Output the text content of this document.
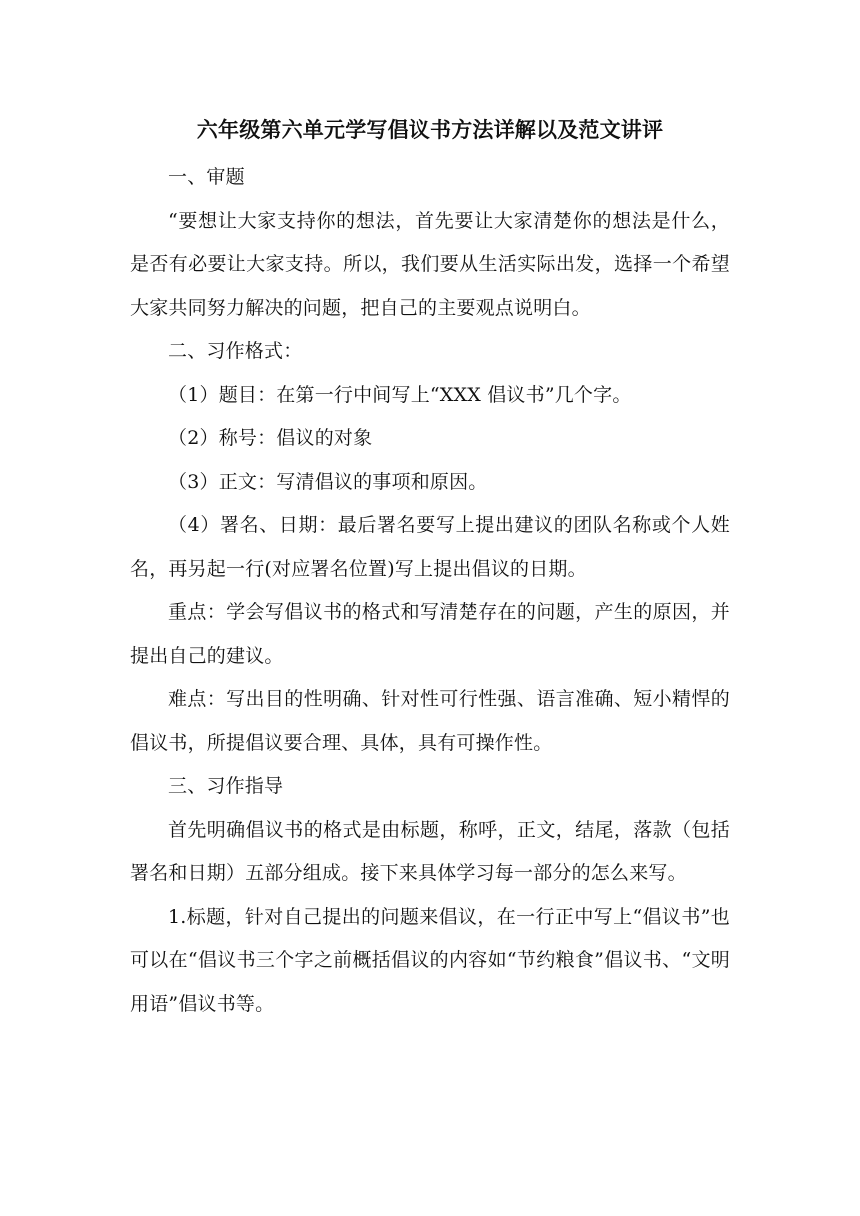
六年级第六单元学写倡议书方法详解以及范文讲评

一、审题

“要想让大家支持你的想法，首先要让大家清楚你的想法是什么，是否有必要让大家支持。所以，我们要从生活实际出发，选择一个希望大家共同努力解决的问题，把自己的主要观点说明白。

二、习作格式：

（1）题目：在第一行中间写上“XXX 倡议书”几个字。

（2）称号：倡议的对象

（3）正文：写清倡议的事项和原因。

（4）署名、日期：最后署名要写上提出建议的团队名称或个人姓名，再另起一行(对应署名位置)写上提出倡议的日期。

重点：学会写倡议书的格式和写清楚存在的问题，产生的原因，并提出自己的建议。

难点：写出目的性明确、针对性可行性强、语言准确、短小精悍的倡议书，所提倡议要合理、具体，具有可操作性。

三、习作指导

首先明确倡议书的格式是由标题，称呼，正文，结尾，落款（包括署名和日期）五部分组成。接下来具体学习每一部分的怎么来写。

1.标题，针对自己提出的问题来倡议，在一行正中写上“倡议书”也可以在“倡议书三个字之前概括倡议的内容如“节约粮食”倡议书、“文明用语”倡议书等。
